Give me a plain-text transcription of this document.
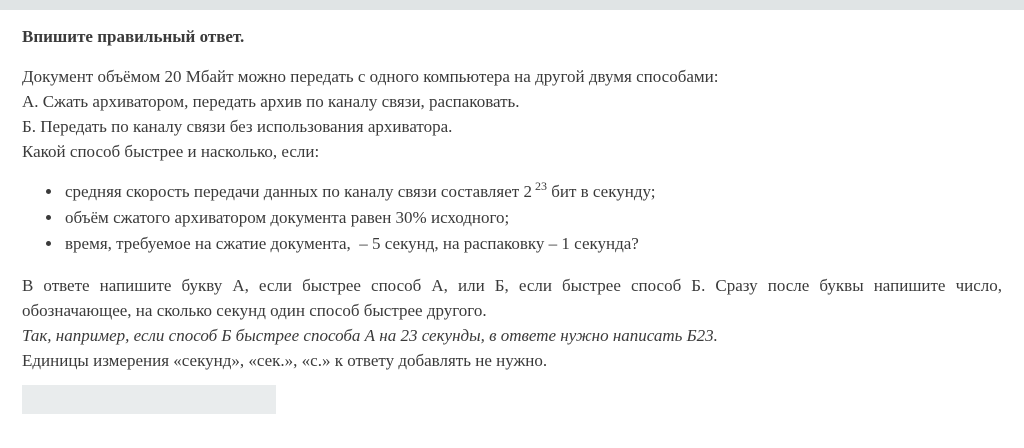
Впишите правильный ответ.

Документ объёмом 20 Мбайт можно передать с одного компьютера на другой двумя способами:

А. Сжать архиватором, передать архив по каналу связи, распаковать.

Б. Передать по каналу связи без использования архиватора.

Какой способ быстрее и насколько, если:

• средняя скорость передачи данных по каналу связи составляет 2 $^{23}$ бит в секунду;
• объём сжатого архиватором документа равен 30% исходного;
• время, требуемое на сжатие документа,  – 5 секунд, на распаковку – 1 секунда?

В ответе напишите букву А, если быстрее способ А, или Б, если быстрее способ Б. Сразу после буквы напишите число, обозначающее, на сколько секунд один способ быстрее другого.

Так, например, если способ Б быстрее способа А на 23 секунды, в ответе нужно написать Б23.

Единицы измерения «секунд», «сек.», «с.» к ответу добавлять не нужно.
